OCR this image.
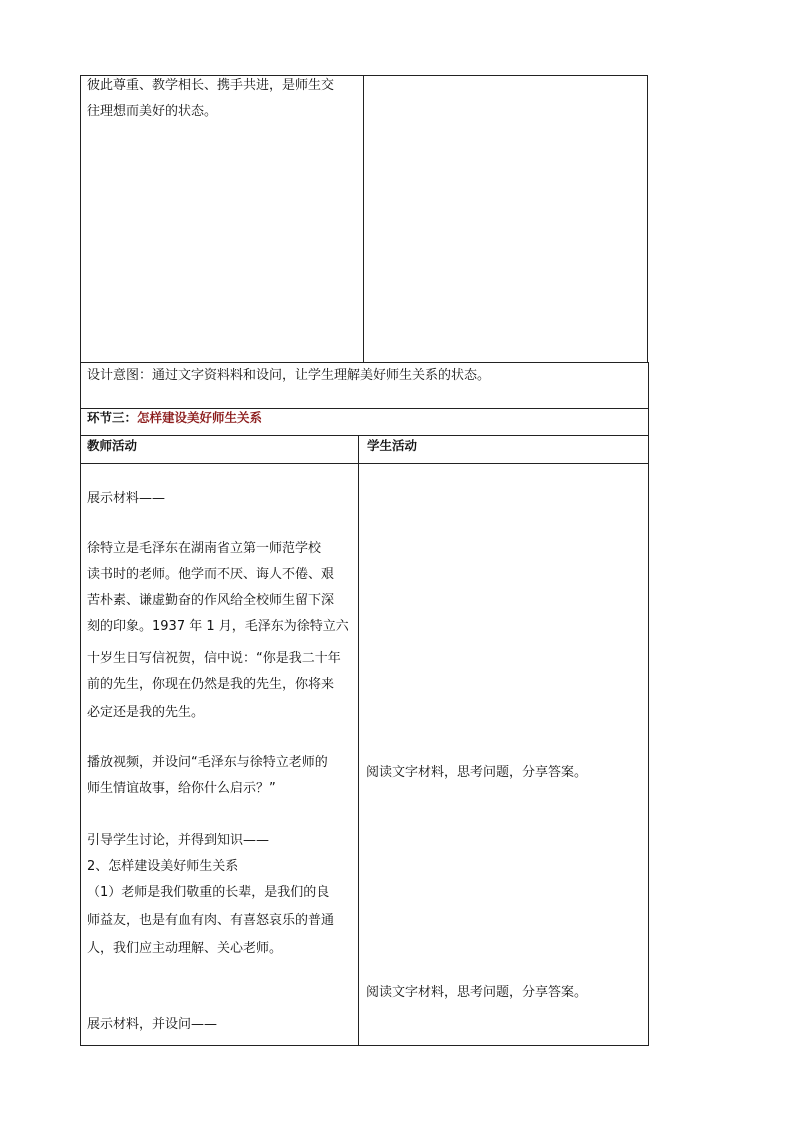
彼此尊重、教学相长、携手共进，是师生交
往理想而美好的状态。
设计意图：通过文字资料料和设问，让学生理解美好师生关系的状态。
环节三：怎样建设美好师生关系
教师活动	学生活动
展示材料——
徐特立是毛泽东在湖南省立第一师范学校
读书时的老师。他学而不厌、诲人不倦、艰
苦朴素、谦虚勤奋的作风给全校师生留下深
刻的印象。1937 年 1 月，毛泽东为徐特立六
十岁生日写信祝贺，信中说：“你是我二十年
前的先生，你现在仍然是我的先生，你将来
必定还是我的先生。
播放视频，并设问“毛泽东与徐特立老师的
师生情谊故事，给你什么启示？”
引导学生讨论，并得到知识——
2、怎样建设美好师生关系
（1）老师是我们敬重的长辈，是我们的良
师益友，也是有血有肉、有喜怒哀乐的普通
人，我们应主动理解、关心老师。
展示材料，并设问——
阅读文字材料，思考问题，分享答案。
阅读文字材料，思考问题，分享答案。
